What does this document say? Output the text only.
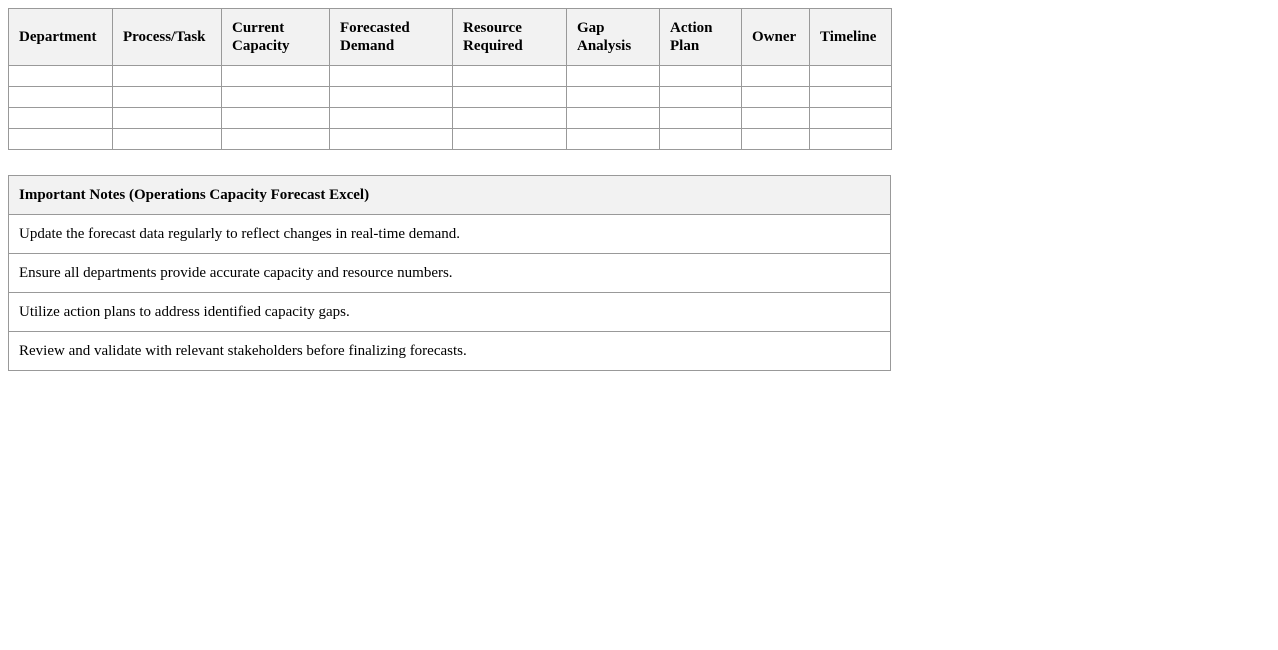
Department	Process/Task	Current Capacity	Forecasted Demand	Resource Required	Gap Analysis	Action Plan	Owner	Timeline

Important Notes (Operations Capacity Forecast Excel)
Update the forecast data regularly to reflect changes in real-time demand.
Ensure all departments provide accurate capacity and resource numbers.
Utilize action plans to address identified capacity gaps.
Review and validate with relevant stakeholders before finalizing forecasts.
